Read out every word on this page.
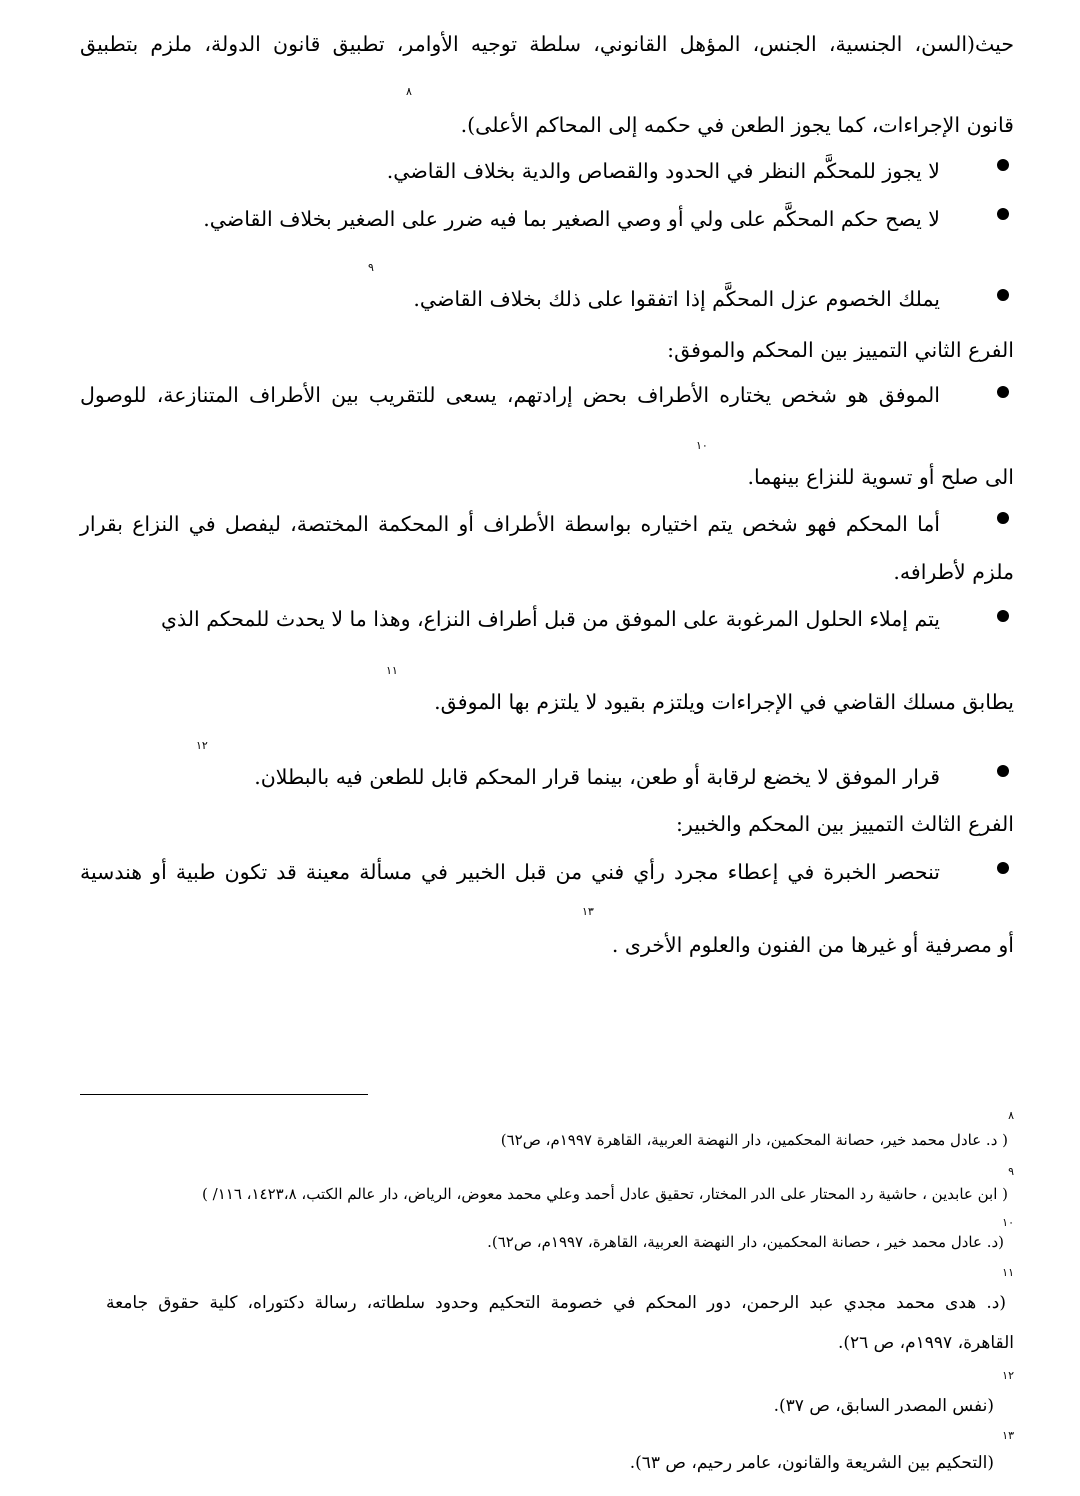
حيث(السن، الجنسية، الجنس، المؤهل القانوني، سلطة توجيه الأوامر، تطبيق قانون الدولة، ملزم بتطبيق

٨

قانون الإجراءات، كما يجوز الطعن في حكمه إلى المحاكم الأعلى).

لا يجوز للمحكَّم النظر في الحدود والقصاص والدية بخلاف القاضي.

لا يصح حكم المحكَّم على ولي أو وصي الصغير بما فيه ضرر على الصغير بخلاف القاضي.

٩

يملك الخصوم عزل المحكَّم إذا اتفقوا على ذلك بخلاف القاضي.

الفرع الثاني التمييز بين المحكم والموفق:

الموفق هو شخص يختاره الأطراف بحض إرادتهم، يسعى للتقريب بين الأطراف المتنازعة، للوصول

١٠

الى صلح أو تسوية للنزاع بينهما.

أما المحكم فهو شخص يتم اختياره بواسطة الأطراف أو المحكمة المختصة، ليفصل في النزاع بقرار

ملزم لأطرافه.

يتم إملاء الحلول المرغوبة على الموفق من قبل أطراف النزاع، وهذا ما لا يحدث للمحكم الذي

١١

يطابق مسلك القاضي في الإجراءات ويلتزم بقيود لا يلتزم بها الموفق.

١٢

قرار الموفق لا يخضع لرقابة أو طعن، بينما قرار المحكم قابل للطعن فيه بالبطلان.

الفرع الثالث التمييز بين المحكم والخبير:

تنحصر الخبرة في إعطاء مجرد رأي فني من قبل الخبير في مسألة معينة قد تكون طبية أو هندسية

١٣

أو مصرفية أو غيرها من الفنون والعلوم الأخرى .

٨

( د. عادل محمد خير، حصانة المحكمين، دار النهضة العربية، القاهرة ١٩٩٧م، ص٦٢)

٩

( ابن عابدين ، حاشية رد المحتار على الدر المختار، تحقيق عادل أحمد وعلي محمد معوض، الرياض، دار عالم الكتب، ١٤٢٣،٨، ١١٦/ )

١٠

(د. عادل محمد خير ، حصانة المحكمين، دار النهضة العربية، القاهرة، ١٩٩٧م، ص٦٢).

١١

(د. هدى محمد مجدي عبد الرحمن، دور المحكم في خصومة التحكيم وحدود سلطاته، رسالة دكتوراه، كلية حقوق جامعة

القاهرة، ١٩٩٧م، ص ٢٦).

١٢

(نفس المصدر السابق، ص ٣٧).

١٣

(التحكيم بين الشريعة والقانون، عامر رحيم، ص ٦٣).
